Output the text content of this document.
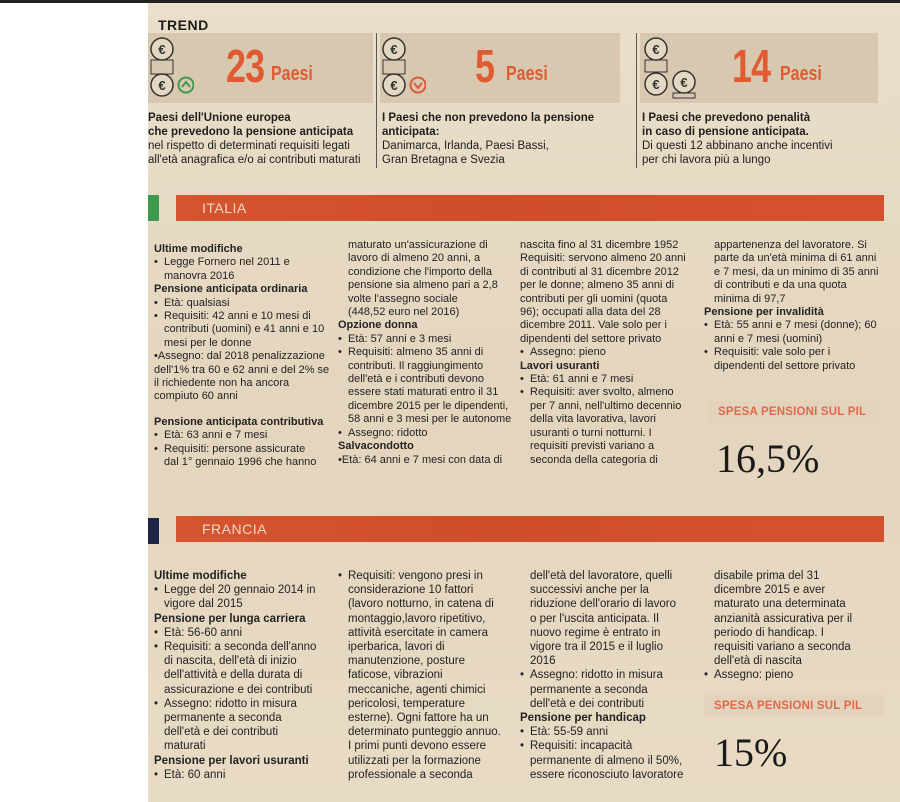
TREND
€
€ 23 Paesi
Paesi dell'Unione europea
che prevedono la pensione anticipata
nel rispetto di determinati requisiti legati
all'età anagrafica e/o ai contributi maturati
€
€ 5 Paesi
I Paesi che non prevedono la pensione
anticipata:
Danimarca, Irlanda, Paesi Bassi,
Gran Bretagna e Svezia
€
€ € 14 Paesi
I Paesi che prevedono penalità
in caso di pensione anticipata.
Di questi 12 abbinano anche incentivi
per chi lavora più a lungo
ITALIA
Ultime modifiche
• Legge Fornero nel 2011 e
manovra 2016
Pensione anticipata ordinaria
• Età: qualsiasi
• Requisiti: 42 anni e 10 mesi di
contributi (uomini) e 41 anni e 10
mesi per le donne
•Assegno: dal 2018 penalizzazione
dell'1% tra 60 e 62 anni e del 2% se
il richiedente non ha ancora
compiuto 60 anni
Pensione anticipata contributiva
• Età: 63 anni e 7 mesi
• Requisiti: persone assicurate
dal 1° gennaio 1996 che hanno
maturato un'assicurazione di
lavoro di almeno 20 anni, a
condizione che l'importo della
pensione sia almeno pari a 2,8
volte l'assegno sociale
(448,52 euro nel 2016)
Opzione donna
• Età: 57 anni e 3 mesi
• Requisiti: almeno 35 anni di
contributi. Il raggiungimento
dell'età e i contributi devono
essere stati maturati entro il 31
dicembre 2015 per le dipendenti,
58 anni e 3 mesi per le autonome
• Assegno: ridotto
Salvacondotto
•Età: 64 anni e 7 mesi con data di
nascita fino al 31 dicembre 1952
Requisiti: servono almeno 20 anni
di contributi al 31 dicembre 2012
per le donne; almeno 35 anni di
contributi per gli uomini (quota
96); occupati alla data del 28
dicembre 2011. Vale solo per i
dipendenti del settore privato
• Assegno: pieno
Lavori usuranti
• Età: 61 anni e 7 mesi
• Requisiti: aver svolto, almeno
per 7 anni, nell'ultimo decennio
della vita lavorativa, lavori
usuranti o turni notturni. I
requisiti previsti variano a
seconda della categoria di
appartenenza del lavoratore. Si
parte da un'età minima di 61 anni
e 7 mesi, da un minimo di 35 anni
di contributi e da una quota
minima di 97,7
Pensione per invalidità
• Età: 55 anni e 7 mesi (donne); 60
anni e 7 mesi (uomini)
• Requisiti: vale solo per i
dipendenti del settore privato
SPESA PENSIONI SUL PIL
16,5%
FRANCIA
Ultime modifiche
• Legge del 20 gennaio 2014 in
vigore dal 2015
Pensione per lunga carriera
• Età: 56-60 anni
• Requisiti: a seconda dell'anno
di nascita, dell'età di inizio
dell'attività e della durata di
assicurazione e dei contributi
• Assegno: ridotto in misura
permanente a seconda
dell'età e dei contributi
maturati
Pensione per lavori usuranti
• Età: 60 anni
• Requisiti: vengono presi in
considerazione 10 fattori
(lavoro notturno, in catena di
montaggio,lavoro ripetitivo,
attività esercitate in camera
iperbarica, lavori di
manutenzione, posture
faticose, vibrazioni
meccaniche, agenti chimici
pericolosi, temperature
esterne). Ogni fattore ha un
determinato punteggio annuo.
I primi punti devono essere
utilizzati per la formazione
professionale a seconda
dell'età del lavoratore, quelli
successivi anche per la
riduzione dell'orario di lavoro
o per l'uscita anticipata. Il
nuovo regime è entrato in
vigore tra il 2015 e il luglio
2016
• Assegno: ridotto in misura
permanente a seconda
dell'età e dei contributi
Pensione per handicap
• Età: 55-59 anni
• Requisiti: incapacità
permanente di almeno il 50%,
essere riconosciuto lavoratore
disabile prima del 31
dicembre 2015 e aver
maturato una determinata
anzianità assicurativa per il
periodo di handicap. I
requisiti variano a seconda
dell'età di nascita
• Assegno: pieno
SPESA PENSIONI SUL PIL
15%
